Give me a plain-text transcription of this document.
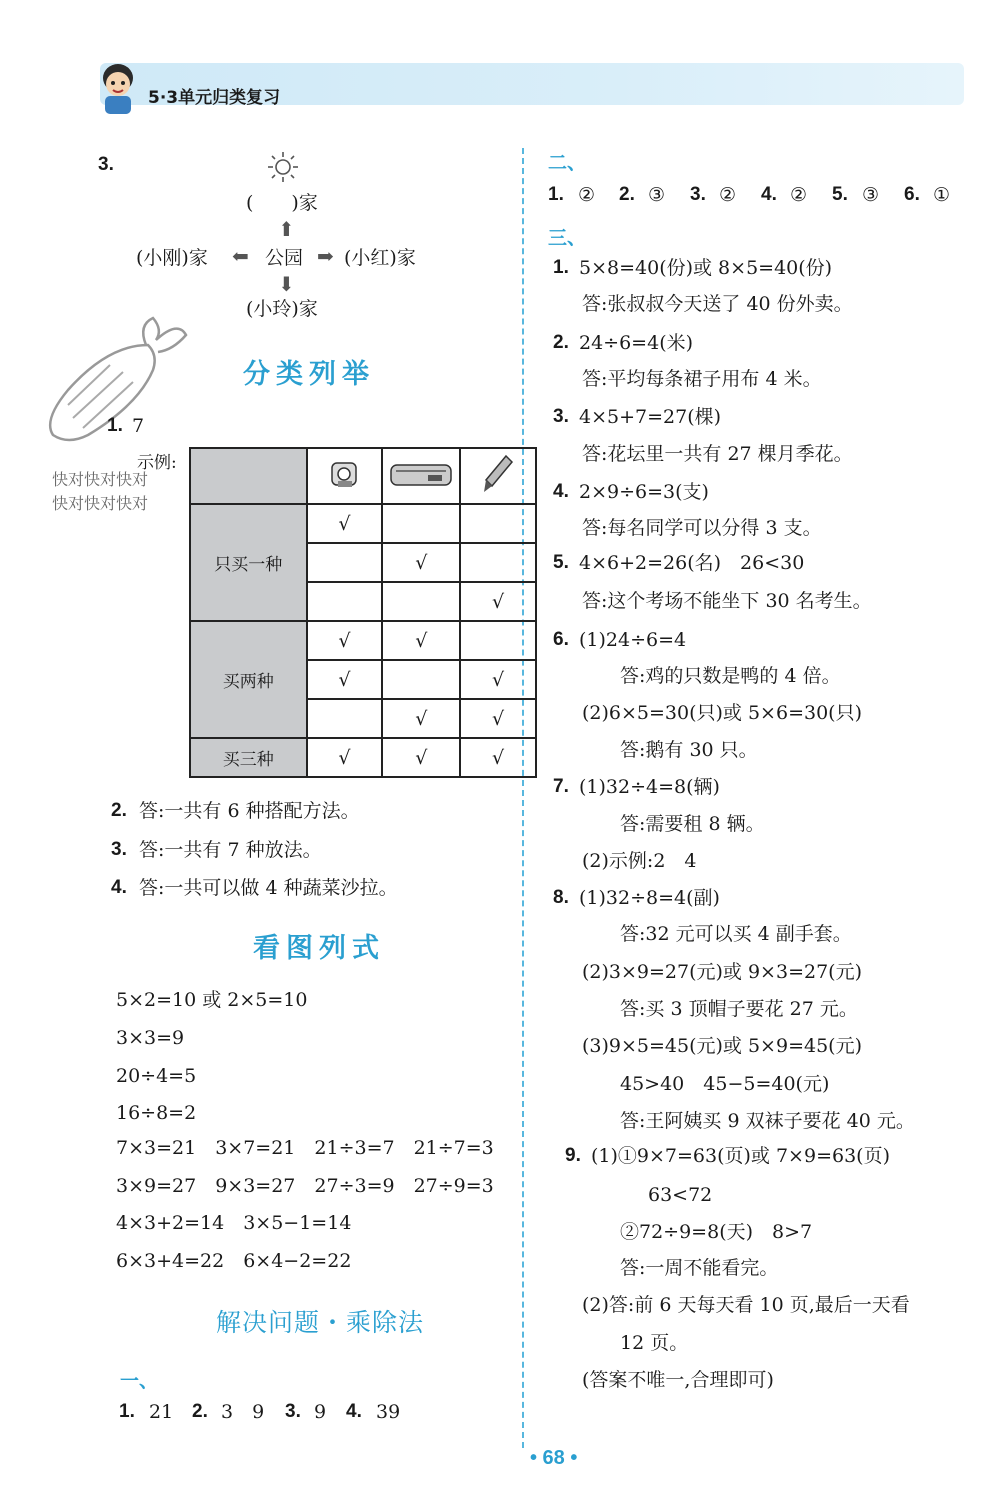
5·3单元归类复习
3.
(　　)家
⬆
(小刚)家 ⬅ 公园 ➡ (小红)家
⬇
(小玲)家
分类列举
1. 7
示例:
快对快对快对
快对快对快对

只买一种	√		
		√	
			√
买两种	√	√	
	√		√
		√	√
买三种	√	√	√
2. 答:一共有 6 种搭配方法。
3. 答:一共有 7 种放法。
4. 答:一共可以做 4 种蔬菜沙拉。
看图列式
5×2=10 或 2×5=10
3×3=9
20÷4=5
16÷8=2
7×3=21　3×7=21　21÷3=7　21÷7=3
3×9=27　9×3=27　27÷3=9　27÷9=3
4×3+2=14　3×5−1=14
6×3+4=22　6×4−2=22
解决问题・乘除法
一、
1. 21 2. 3　9 3. 9 4. 39
二、
1. ② 2. ③ 3. ② 4. ② 5. ③ 6. ①
三、
1. 5×8=40(份)或 8×5=40(份)
答:张叔叔今天送了 40 份外卖。
2. 24÷6=4(米)
答:平均每条裙子用布 4 米。
3. 4×5+7=27(棵)
答:花坛里一共有 27 棵月季花。
4. 2×9÷6=3(支)
答:每名同学可以分得 3 支。
5. 4×6+2=26(名)　26<30
答:这个考场不能坐下 30 名考生。
6. (1)24÷6=4
答:鸡的只数是鸭的 4 倍。
(2)6×5=30(只)或 5×6=30(只)
答:鹅有 30 只。
7. (1)32÷4=8(辆)
答:需要租 8 辆。
(2)示例:2　4
8. (1)32÷8=4(副)
答:32 元可以买 4 副手套。
(2)3×9=27(元)或 9×3=27(元)
答:买 3 顶帽子要花 27 元。
(3)9×5=45(元)或 5×9=45(元)
45>40　45−5=40(元)
答:王阿姨买 9 双袜子要花 40 元。
9. (1)①9×7=63(页)或 7×9=63(页)
63<72
②72÷9=8(天)　8>7
答:一周不能看完。
(2)答:前 6 天每天看 10 页,最后一天看
12 页。
(答案不唯一,合理即可)
• 68 •
